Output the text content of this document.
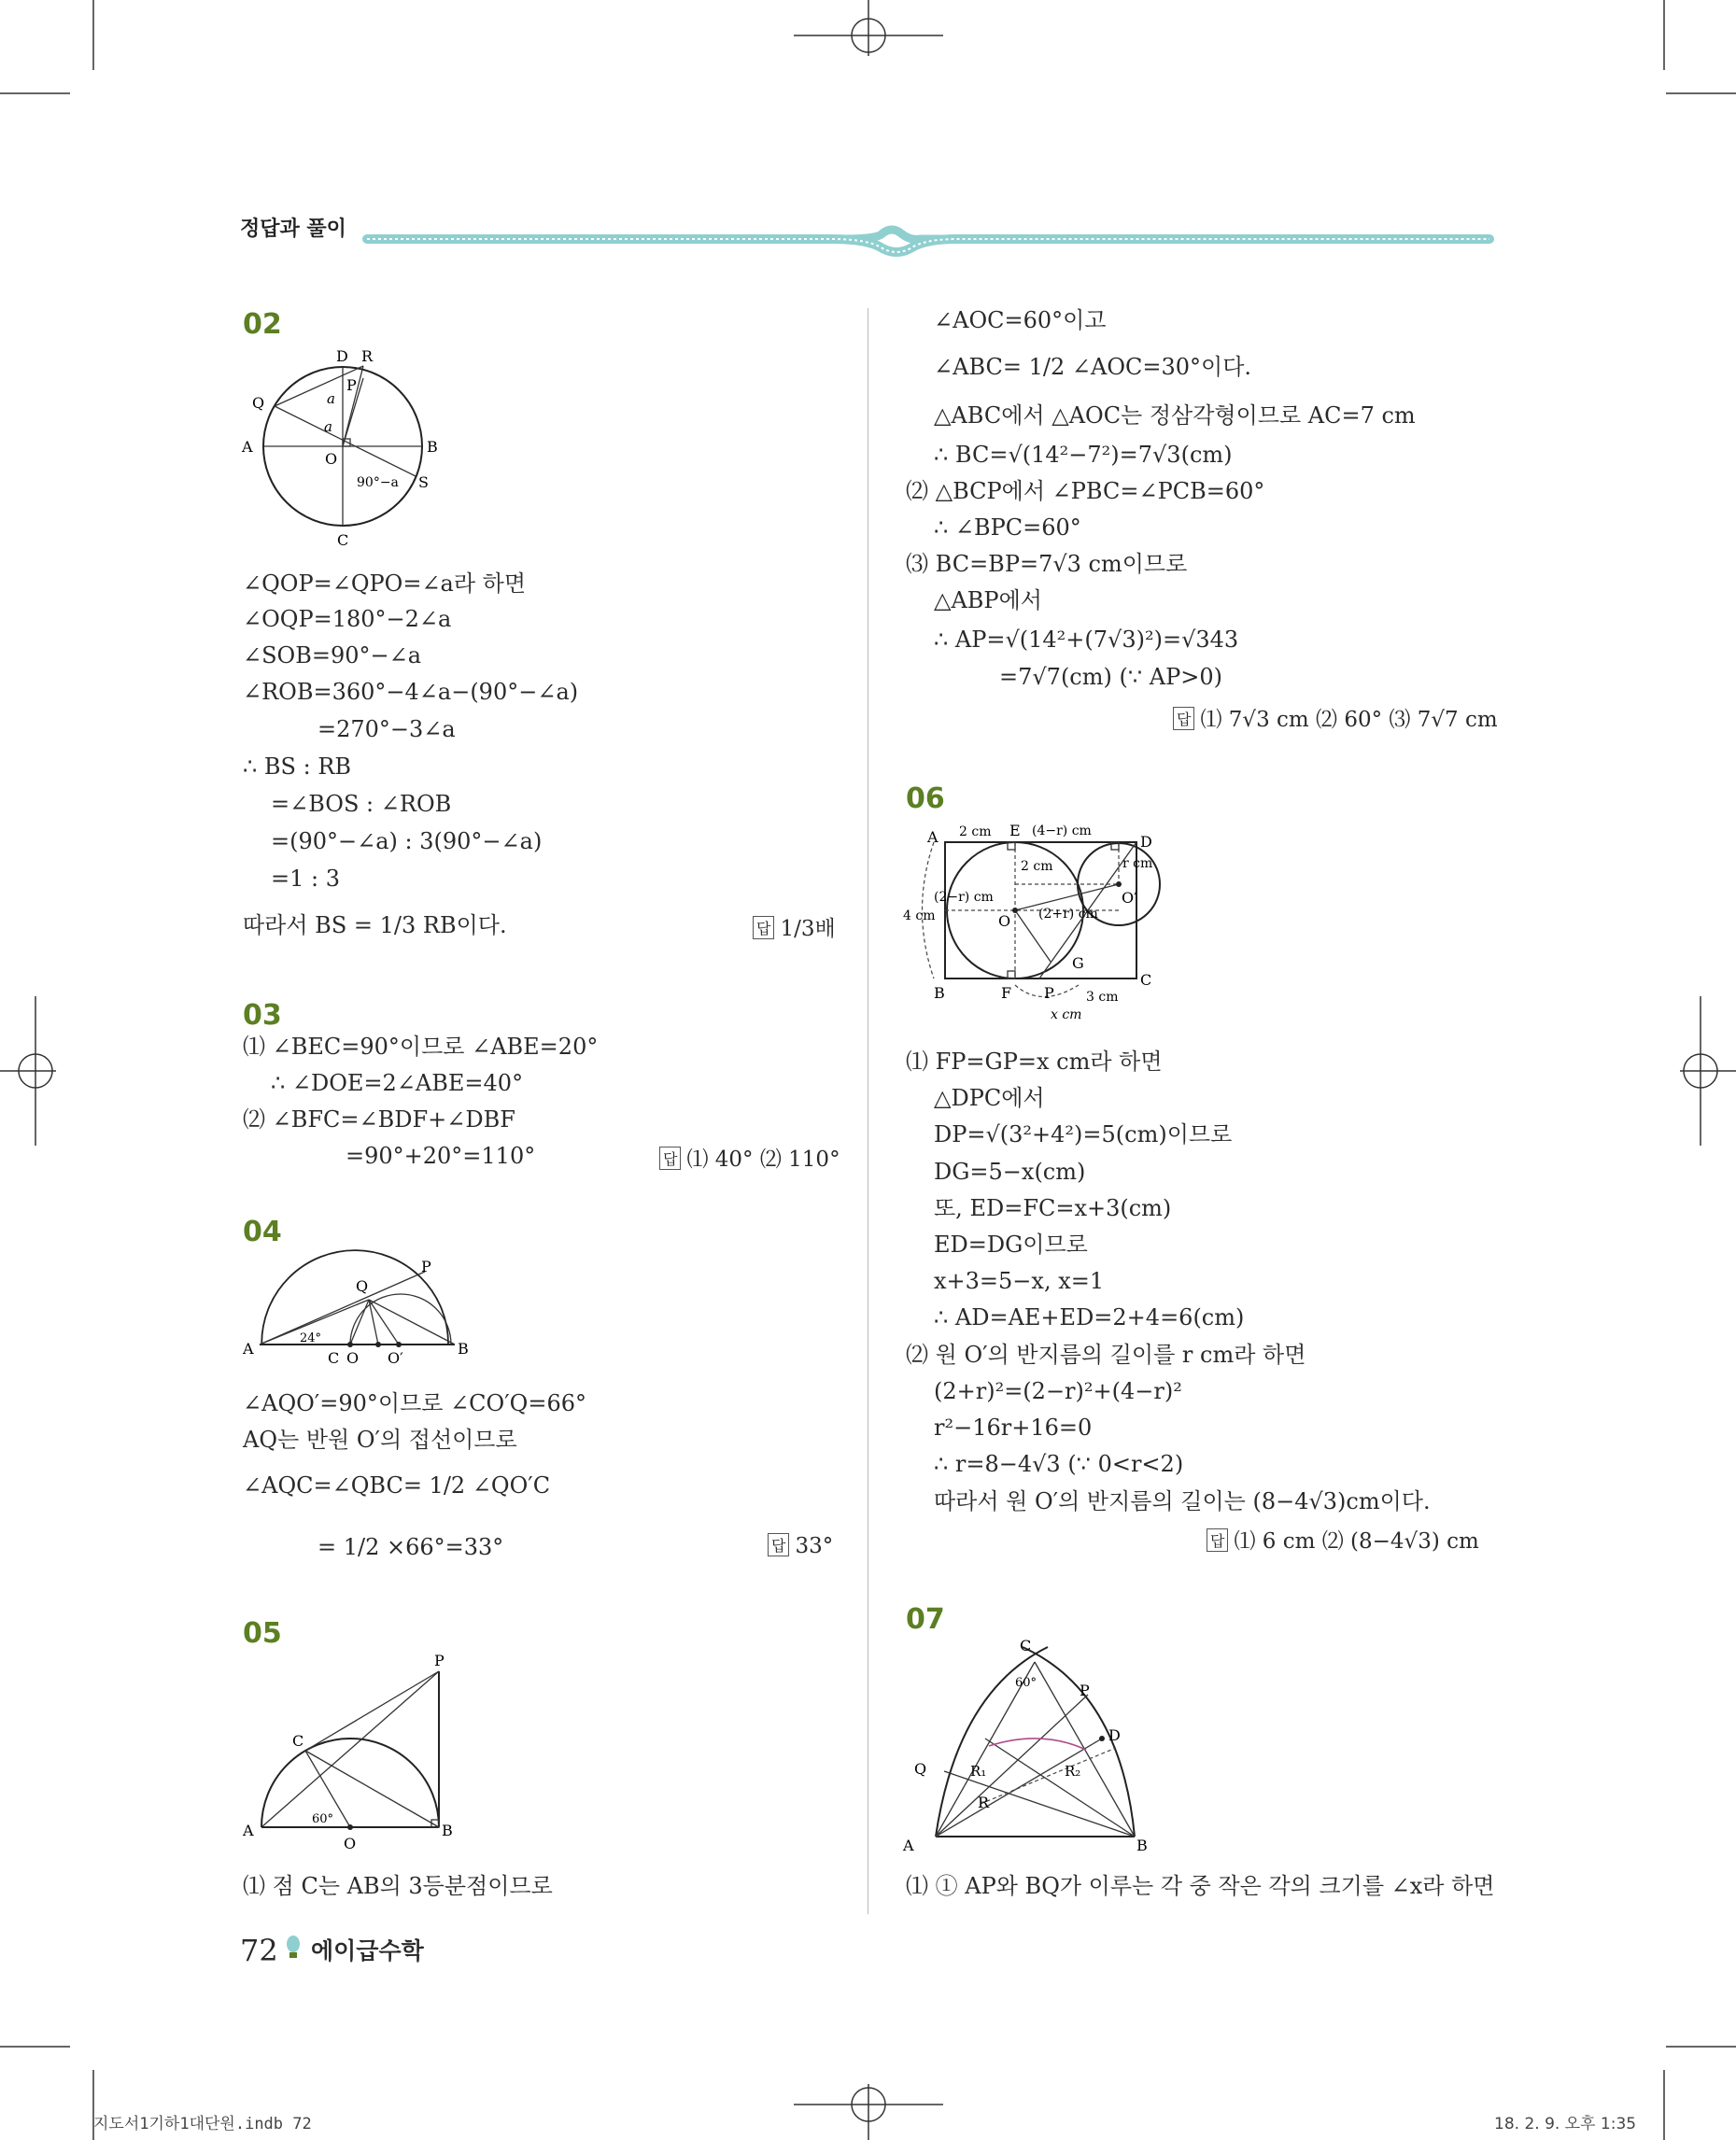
정답과 풀이
02
D R
P
Q
A	B
O
S
C
a
a
90°−a
∠QOP=∠QPO=∠a라 하면
∠OQP=180°−2∠a
∠SOB=90°−∠a
∠ROB=360°−4∠a−(90°−∠a)
=270°−3∠a
∴ BS : RB
=∠BOS : ∠ROB
=(90°−∠a) : 3(90°−∠a)
=1 : 3
따라서 BS = 1/3 RB이다.	답 1/3배
03
⑴ ∠BEC=90°이므로 ∠ABE=20°
∴ ∠DOE=2∠ABE=40°
⑵ ∠BFC=∠BDF+∠DBF
=90°+20°=110°	답 ⑴ 40° ⑵ 110°
04
A	B
C O O′
P
Q
24°
∠AQO′=90°이므로 ∠CO′Q=66°
AQ는 반원 O′의 접선이므로
∠AQC=∠QBC= 1/2 ∠QO′C
= 1/2 ×66°=33°	답 33°
05
A	B
C
O
P
60°
⑴ 점 C는 AB의 3등분점이므로
∠AOC=60°이고
∠ABC= 1/2 ∠AOC=30°이다.
△ABC에서 △AOC는 정삼각형이므로 AC=7 cm
∴ BC=√(14²−7²)=7√3(cm)
⑵ △BCP에서 ∠PBC=∠PCB=60°
∴ ∠BPC=60°
⑶ BC=BP=7√3 cm이므로
△ABP에서
∴ AP=√(14²+(7√3)²)=√343
=7√7(cm) (∵ AP>0)
답 ⑴ 7√3 cm ⑵ 60° ⑶ 7√7 cm
06
A
B
C
D
E
F
G
P
O
O′
2 cm	(4−r) cm
2 cm	r cm
(2−r) cm
4 cm	(2+r) cm
3 cm
x cm
⑴ FP=GP=x cm라 하면
△DPC에서
DP=√(3²+4²)=5(cm)이므로
DG=5−x(cm)
또, ED=FC=x+3(cm)
ED=DG이므로
x+3=5−x, x=1
∴ AD=AE+ED=2+4=6(cm)
⑵ 원 O′의 반지름의 길이를 r cm라 하면
(2+r)²=(2−r)²+(4−r)²
r²−16r+16=0
∴ r=8−4√3 (∵ 0<r<2)
따라서 원 O′의 반지름의 길이는 (8−4√3)cm이다.
답 ⑴ 6 cm ⑵ (8−4√3) cm
07
A	B
C
D
P
Q
R
R₁	R₂
60°
⑴ ① AP와 BQ가 이루는 각 중 작은 각의 크기를 ∠x라 하면
72 에이급수학
지도서1기하1대단원.indb 72	18. 2. 9. 오후 1:35
